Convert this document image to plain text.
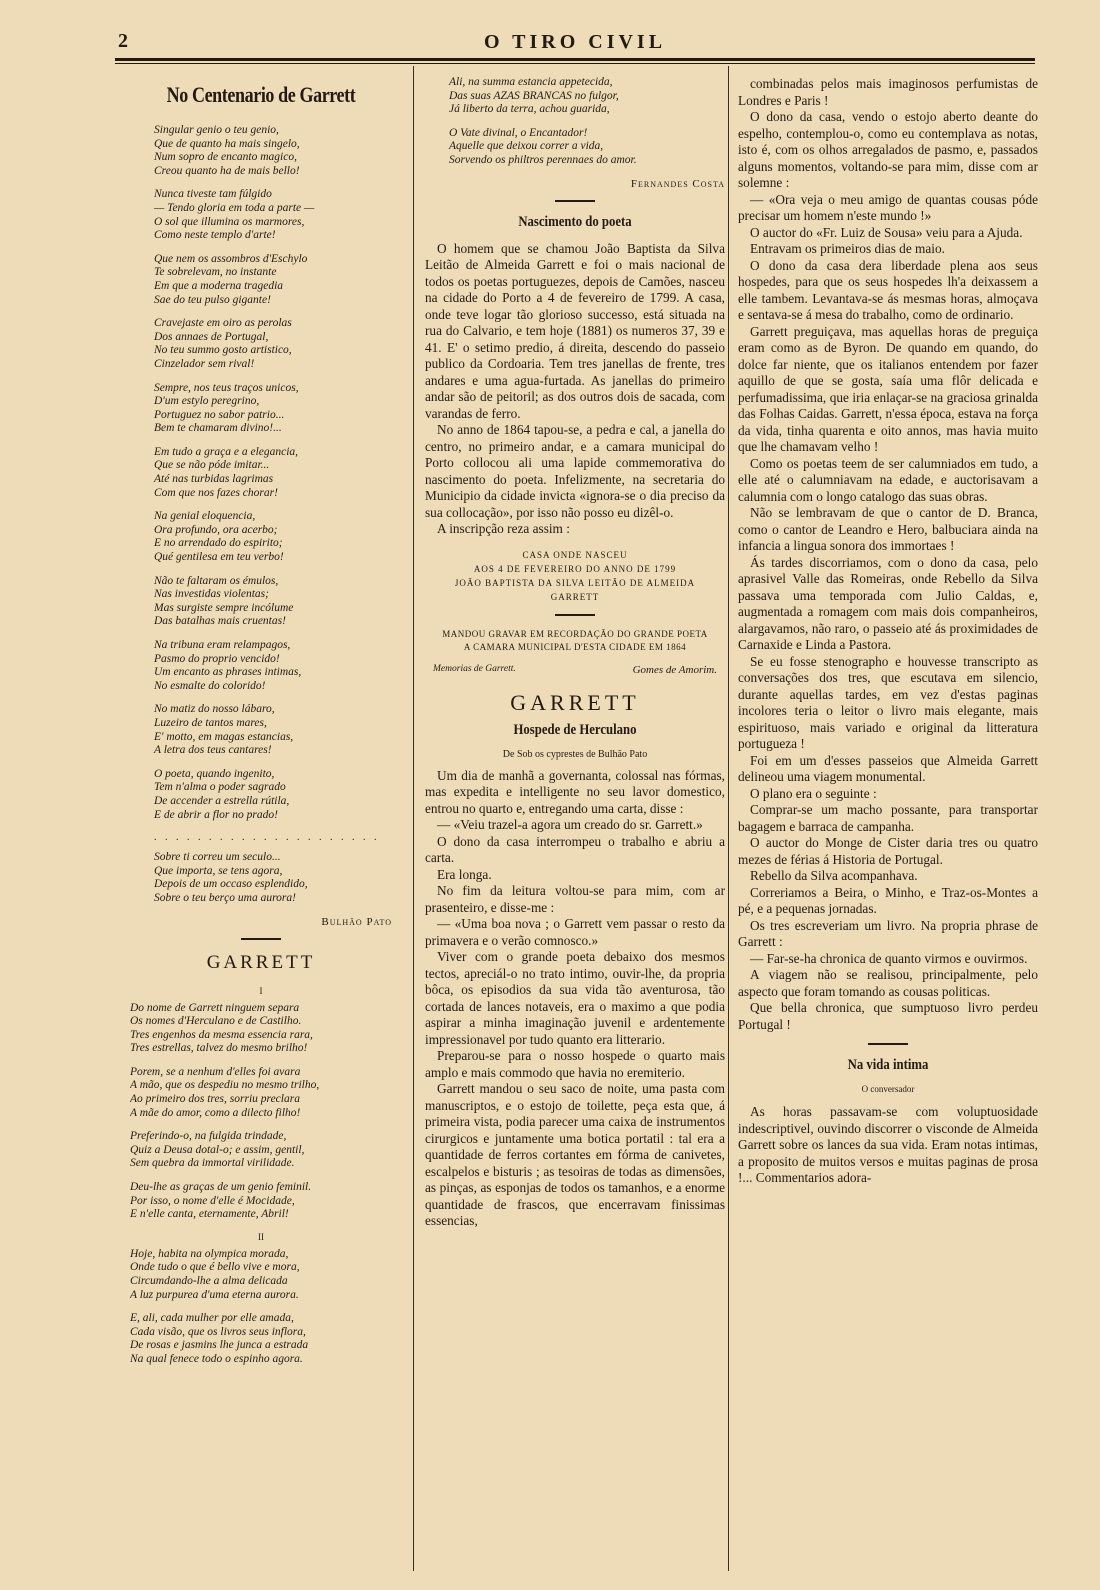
2	O TIRO CIVIL
No Centenario de Garrett
Singular genio o teu genio,
Que de quanto ha mais singelo,
Num sopro de encanto magico,
Creou quanto ha de mais bello!
Nunca tiveste tam fúlgido
— Tendo gloria em toda a parte —
O sol que illumina os marmores,
Como neste templo d'arte!
Que nem os assombros d'Eschylo
Te sobrelevam, no instante
Em que a moderna tragedia
Sae do teu pulso gigante!
Cravejaste em oiro as perolas
Dos annaes de Portugal,
No teu summo gosto artistico,
Cinzelador sem rival!
Sempre, nos teus traços unicos,
D'um estylo peregrino,
Portuguez no sabor patrio...
Bem te chamaram divino!...
Em tudo a graça e a elegancia,
Que se não póde imitar...
Até nas turbidas lagrimas
Com que nos fazes chorar!
Na genial eloquencia,
Ora profundo, ora acerbo;
E no arrendado do espirito;
Qué gentilesa em teu verbo!
Não te faltaram os émulos,
Nas investidas violentas;
Mas surgiste sempre incólume
Das batalhas mais cruentas!
Na tribuna eram relampagos,
Pasmo do proprio vencido!
Um encanto as phrases intimas,
No esmalte do colorido!
No matiz do nosso lábaro,
Luzeiro de tantos mares,
E' motto, em magas estancias,
A letra dos teus cantares!
O poeta, quando ingenito,
Tem n'alma o poder sagrado
De accender a estrella rútila,
E de abrir a flor no prado!
. . . . . . . . . . . . . . . . . . . . .
Sobre ti correu um seculo...
Que importa, se tens agora,
Depois de um occaso esplendido,
Sobre o teu berço uma aurora!
Bulhão Pato
GARRETT
I
Do nome de Garrett ninguem separa
Os nomes d'Herculano e de Castilho.
Tres engenhos da mesma essencia rara,
Tres estrellas, talvez do mesmo brilho!
Porem, se a nenhum d'elles foi avara
A mão, que os despediu no mesmo trilho,
Ao primeiro dos tres, sorriu preclara
A mãe do amor, como a dilecto filho!
Preferindo-o, na fulgida trindade,
Quiz a Deusa dotal-o; e assim, gentil,
Sem quebra da immortal virilidade.
Deu-lhe as graças de um genio feminil.
Por isso, o nome d'elle é Mocidade,
E n'elle canta, eternamente, Abril!
II
Hoje, habita na olympica morada,
Onde tudo o que é bello vive e mora,
Circumdando-lhe a alma delicada
A luz purpurea d'uma eterna aurora.
E, ali, cada mulher por elle amada,
Cada visão, que os livros seus inflora,
De rosas e jasmins lhe junca a estrada
Na qual fenece todo o espinho agora.
Ali, na summa estancia appetecida,
Das suas AZAS BRANCAS no fulgor,
Já liberto da terra, achou guarida,
O Vate divinal, o Encantador!
Aquelle que deixou correr a vida,
Sorvendo os philtros perennaes do amor.
Fernandes Costa
Nascimento do poeta

O homem que se chamou João Baptista da Silva Leitão de Almeida Garrett e foi o mais nacional de todos os poetas portuguezes, depois de Camões, nasceu na cidade do Porto a 4 de fevereiro de 1799. A casa, onde teve logar tão glorioso successo, está situada na rua do Calvario, e tem hoje (1881) os numeros 37, 39 e 41. E' o setimo predio, á direita, descendo do passeio publico da Cordoaria. Tem tres janellas de frente, tres andares e uma agua-furtada. As janellas do primeiro andar são de peitoril; as dos outros dois de sacada, com varandas de ferro.

No anno de 1864 tapou-se, a pedra e cal, a janella do centro, no primeiro andar, e a camara municipal do Porto collocou ali uma lapide commemorativa do nascimento do poeta. Infelizmente, na secretaria do Municipio da cidade invicta «ignora-se o dia preciso da sua collocação», por isso não posso eu dizêl-o.

A inscripção reza assim :

CASA ONDE NASCEU
AOS 4 DE FEVEREIRO DO ANNO DE 1799
JOÃO BAPTISTA DA SILVA LEITÃO DE ALMEIDA
GARRETT
MANDOU GRAVAR EM RECORDAÇÃO DO GRANDE POETA
A CAMARA MUNICIPAL D'ESTA CIDADE EM 1864
Memorias de Garrett.	Gomes de Amorim.
GARRETT
Hospede de Herculano
De Sob os cyprestes de Bulhão Pato

Um dia de manhã a governanta, colossal nas fórmas, mas expedita e intelligente no seu lavor domestico, entrou no quarto e, entregando uma carta, disse :

— «Veiu trazel-a agora um creado do sr. Garrett.»

O dono da casa interrompeu o trabalho e abriu a carta.

Era longa.

No fim da leitura voltou-se para mim, com ar prasenteiro, e disse-me :

— «Uma boa nova ; o Garrett vem passar o resto da primavera e o verão comnosco.»

Viver com o grande poeta debaixo dos mesmos tectos, apreciál-o no trato intimo, ouvir-lhe, da propria bôca, os episodios da sua vida tão aventurosa, tão cortada de lances notaveis, era o maximo a que podia aspirar a minha imaginação juvenil e ardentemente impressionavel por tudo quanto era litterario.

Preparou-se para o nosso hospede o quarto mais amplo e mais commodo que havia no eremiterio.

Garrett mandou o seu saco de noite, uma pasta com manuscriptos, e o estojo de toilette, peça esta que, á primeira vista, podia parecer uma caixa de instrumentos cirurgicos e juntamente uma botica portatil : tal era a quantidade de ferros cortantes em fórma de canivetes, escalpelos e bisturis ; as tesoiras de todas as dimensões, as pinças, as esponjas de todos os tamanhos, e a enorme quantidade de frascos, que encerravam finissimas essencias,

combinadas pelos mais imaginosos perfumistas de Londres e Paris !

O dono da casa, vendo o estojo aberto deante do espelho, contemplou-o, como eu contemplava as notas, isto é, com os olhos arregalados de pasmo, e, passados alguns momentos, voltando-se para mim, disse com ar solemne :

— «Ora veja o meu amigo de quantas cousas póde precisar um homem n'este mundo !»

O auctor do «Fr. Luiz de Sousa» veiu para a Ajuda.

Entravam os primeiros dias de maio.

O dono da casa dera liberdade plena aos seus hospedes, para que os seus hospedes lh'a deixassem a elle tambem. Levantava-se ás mesmas horas, almoçava e sentava-se á mesa do trabalho, como de ordinario.

Garrett preguiçava, mas aquellas horas de preguiça eram como as de Byron. De quando em quando, do dolce far niente, que os italianos entendem por fazer aquillo de que se gosta, saía uma flôr delicada e perfumadissima, que iria enlaçar-se na graciosa grinalda das Folhas Caidas. Garrett, n'essa época, estava na força da vida, tinha quarenta e oito annos, mas havia muito que lhe chamavam velho !

Como os poetas teem de ser calumniados em tudo, a elle até o calumniavam na edade, e auctorisavam a calumnia com o longo catalogo das suas obras.

Não se lembravam de que o cantor de D. Branca, como o cantor de Leandro e Hero, balbuciara ainda na infancia a lingua sonora dos immortaes !

Ás tardes discorriamos, com o dono da casa, pelo aprasivel Valle das Romeiras, onde Rebello da Silva passava uma temporada com Julio Caldas, e, augmentada a romagem com mais dois companheiros, alargavamos, não raro, o passeio até ás proximidades de Carnaxide e Linda a Pastora.

Se eu fosse stenographo e houvesse transcripto as conversações dos tres, que escutava em silencio, durante aquellas tardes, em vez d'estas paginas incolores teria o leitor o livro mais elegante, mais espirituoso, mais variado e original da litteratura portugueza !

Foi em um d'esses passeios que Almeida Garrett delineou uma viagem monumental.

O plano era o seguinte :

Comprar-se um macho possante, para transportar bagagem e barraca de campanha.

O auctor do Monge de Cister daria tres ou quatro mezes de férias á Historia de Portugal.

Rebello da Silva acompanhava.

Correriamos a Beira, o Minho, e Traz-os-Montes a pé, e a pequenas jornadas.

Os tres escreveriam um livro. Na propria phrase de Garrett :

— Far-se-ha chronica de quanto virmos e ouvirmos.

A viagem não se realisou, principalmente, pelo aspecto que foram tomando as cousas politicas.

Que bella chronica, que sumptuoso livro perdeu Portugal !

Na vida intima
O conversador

As horas passavam-se com voluptuosidade indescriptivel, ouvindo discorrer o visconde de Almeida Garrett sobre os lances da sua vida. Eram notas intimas, a proposito de muitos versos e muitas paginas de prosa !... Commentarios adora-
